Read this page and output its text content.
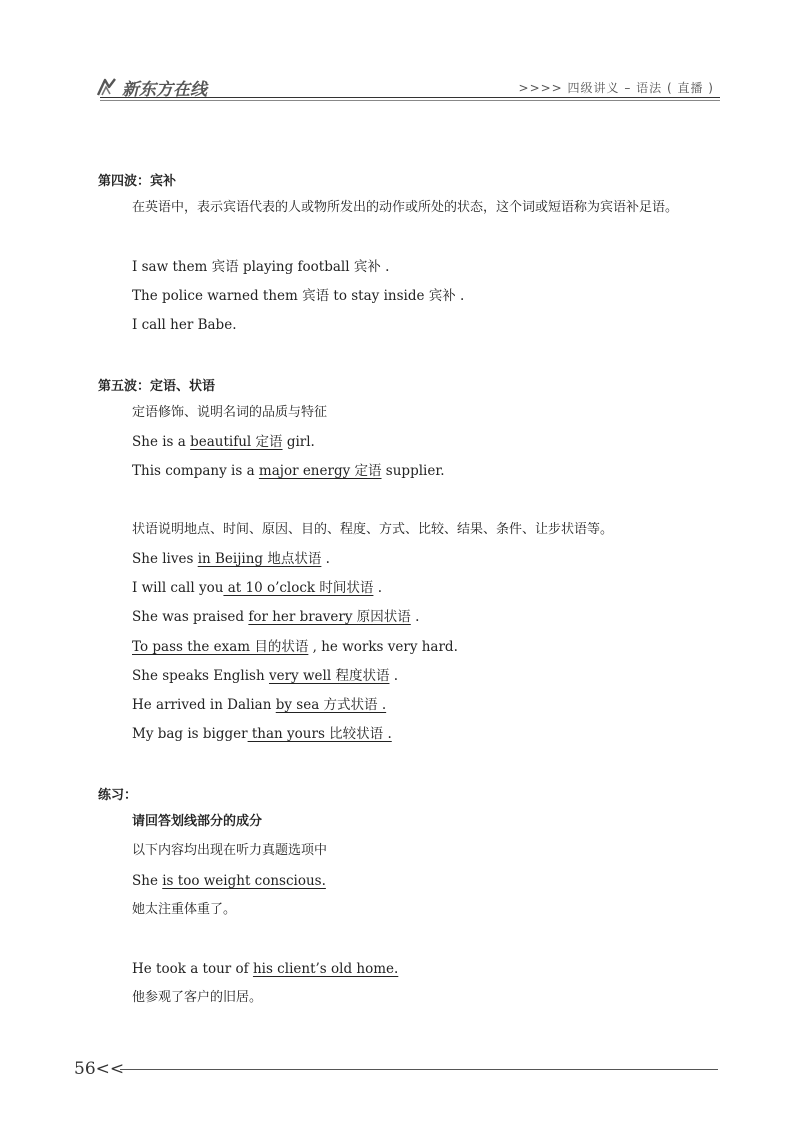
新东方在线	>>>> 四级讲义 – 语法 ( 直播 )
第四波：宾补
在英语中，表示宾语代表的人或物所发出的动作或所处的状态，这个词或短语称为宾语补足语。
I saw them 宾语 playing football 宾补 .
The police warned them 宾语 to stay inside 宾补 .
I call her Babe.
第五波：定语、状语
定语修饰、说明名词的品质与特征
She is a beautiful 定语 girl.
This company is a major energy 定语 supplier.
状语说明地点、时间、原因、目的、程度、方式、比较、结果、条件、让步状语等。
She lives in Beijing 地点状语 .
I will call you at 10 o’clock 时间状语 .
She was praised for her bravery 原因状语 .
To pass the exam 目的状语 , he works very hard.
She speaks English very well 程度状语 .
He arrived in Dalian by sea 方式状语 .
My bag is bigger than yours 比较状语 .
练习：
请回答划线部分的成分
以下内容均出现在听力真题选项中
She is too weight conscious.
她太注重体重了。
He took a tour of his client’s old home.
他参观了客户的旧居。
56<<
